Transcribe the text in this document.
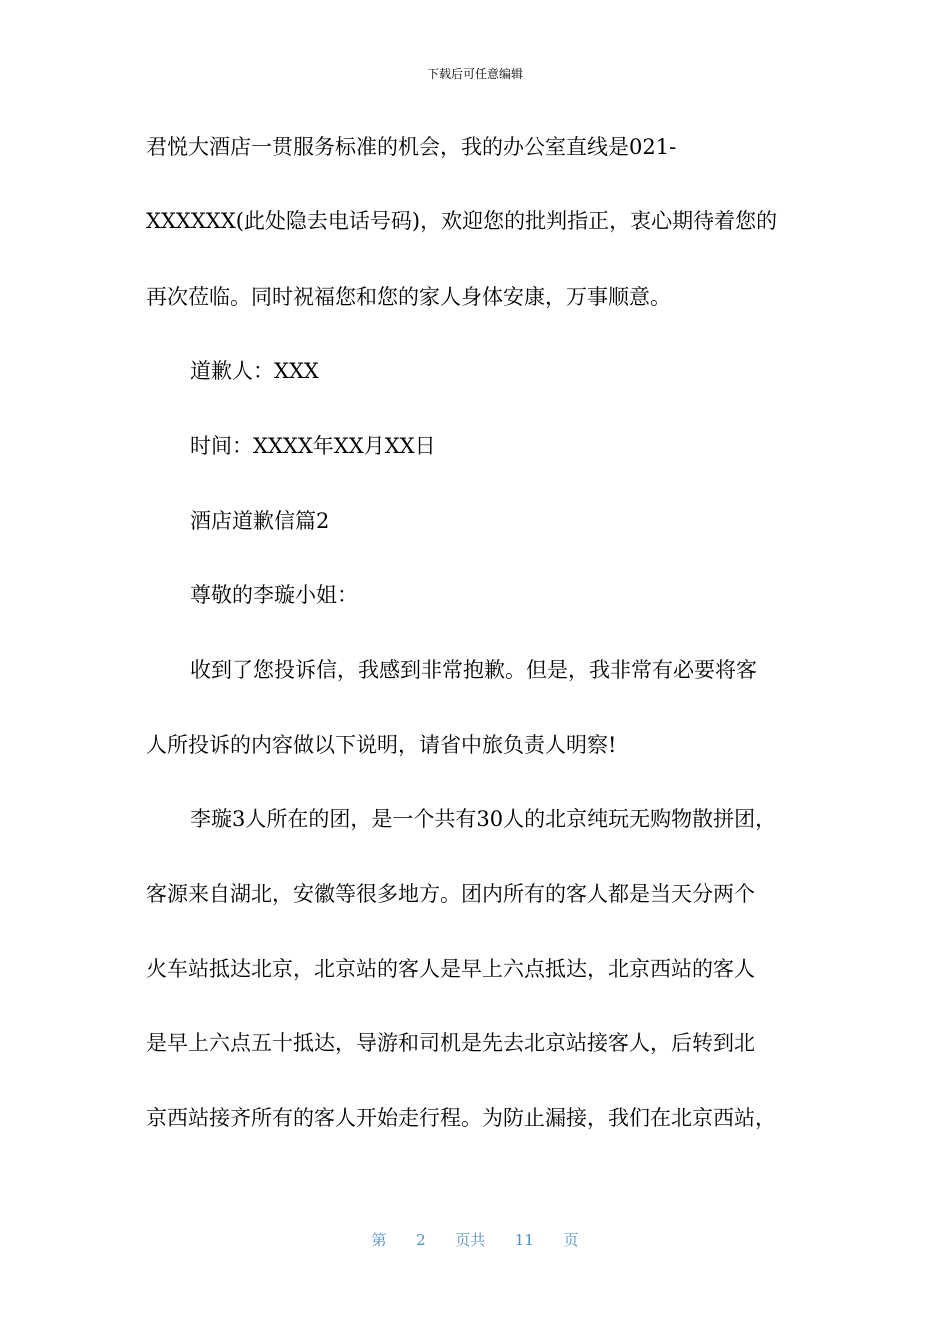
下载后可任意编辑
君悦大酒店一贯服务标准的机会，我的办公室直线是021-
XXXXXX(此处隐去电话号码)，欢迎您的批判指正，衷心期待着您的
再次莅临。同时祝福您和您的家人身体安康，万事顺意。
道歉人：XXX
时间：XXXX年XX月XX日
酒店道歉信篇2
尊敬的李璇小姐：
收到了您投诉信，我感到非常抱歉。但是，我非常有必要将客
人所投诉的内容做以下说明，请省中旅负责人明察!
李璇3人所在的团，是一个共有30人的北京纯玩无购物散拼团，
客源来自湖北，安徽等很多地方。团内所有的客人都是当天分两个
火车站抵达北京，北京站的客人是早上六点抵达，北京西站的客人
是早上六点五十抵达，导游和司机是先去北京站接客人，后转到北
京西站接齐所有的客人开始走行程。为防止漏接，我们在北京西站，
第 2 页共 11 页
